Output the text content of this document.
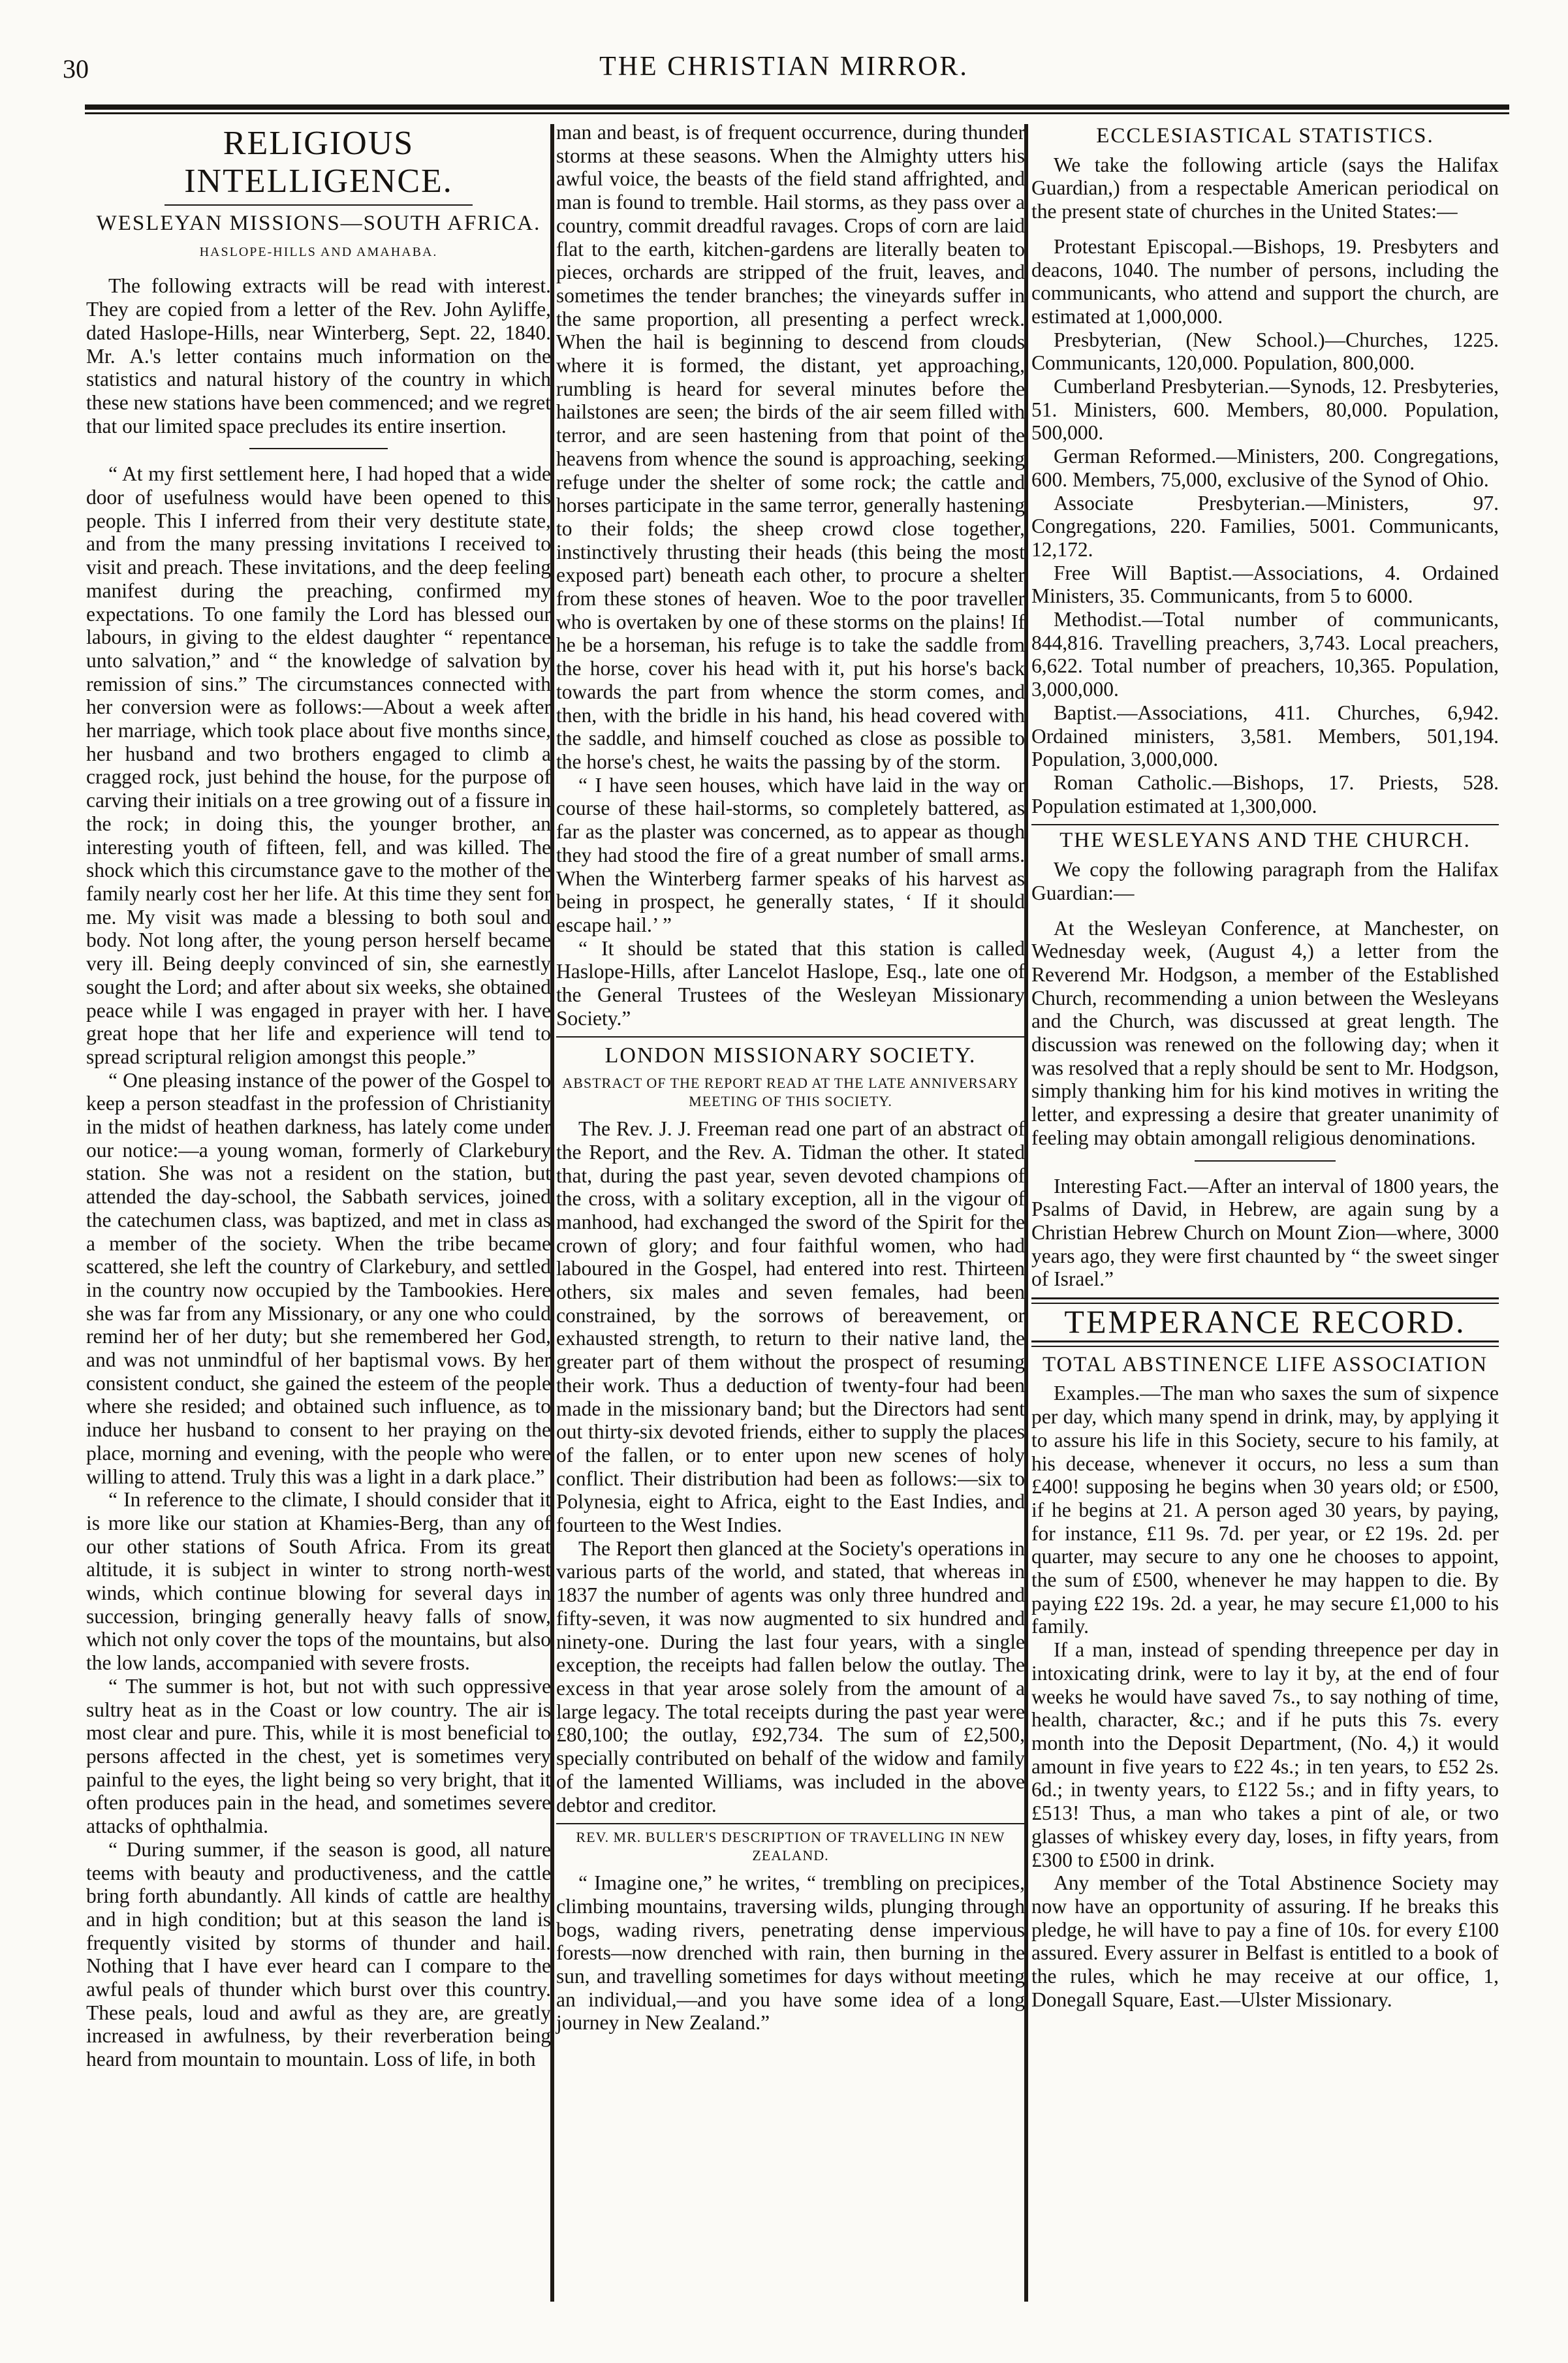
30	THE CHRISTIAN MIRROR.
RELIGIOUS INTELLIGENCE.
WESLEYAN MISSIONS—SOUTH AFRICA.
HASLOPE-HILLS AND AMAHABA.

The following extracts will be read with interest. They are copied from a letter of the Rev. John Ayliffe, dated Haslope-Hills, near Winterberg, Sept. 22, 1840. Mr. A.'s letter contains much information on the statistics and natural history of the country in which these new stations have been commenced; and we regret that our limited space precludes its entire insertion.

“ At my first settlement here, I had hoped that a wide door of usefulness would have been opened to this people. This I inferred from their very destitute state, and from the many pressing invitations I received to visit and preach. These invitations, and the deep feeling manifest during the preaching, confirmed my expectations. To one family the Lord has blessed our labours, in giving to the eldest daughter “ repentance unto salvation,” and “ the knowledge of salvation by remission of sins.” The circumstances connected with her conversion were as follows:—About a week after her marriage, which took place about five months since, her husband and two brothers engaged to climb a cragged rock, just behind the house, for the purpose of carving their initials on a tree growing out of a fissure in the rock; in doing this, the younger brother, an interesting youth of fifteen, fell, and was killed. The shock which this circumstance gave to the mother of the family nearly cost her her life. At this time they sent for me. My visit was made a blessing to both soul and body. Not long after, the young person herself became very ill. Being deeply convinced of sin, she earnestly sought the Lord; and after about six weeks, she obtained peace while I was engaged in prayer with her. I have great hope that her life and experience will tend to spread scriptural religion amongst this people.”

“ One pleasing instance of the power of the Gospel to keep a person steadfast in the profession of Christianity in the midst of heathen darkness, has lately come under our notice:—a young woman, formerly of Clarkebury station. She was not a resident on the station, but attended the day-school, the Sabbath services, joined the catechumen class, was baptized, and met in class as a member of the society. When the tribe became scattered, she left the country of Clarkebury, and settled in the country now occupied by the Tambookies. Here she was far from any Missionary, or any one who could remind her of her duty; but she remembered her God, and was not unmindful of her baptismal vows. By her consistent conduct, she gained the esteem of the people where she resided; and obtained such influence, as to induce her husband to consent to her praying on the place, morning and evening, with the people who were willing to attend. Truly this was a light in a dark place.”

“ In reference to the climate, I should consider that it is more like our station at Khamies-Berg, than any of our other stations of South Africa. From its great altitude, it is subject in winter to strong north-west winds, which continue blowing for several days in succession, bringing generally heavy falls of snow, which not only cover the tops of the mountains, but also the low lands, accompanied with severe frosts.

“ The summer is hot, but not with such oppressive sultry heat as in the Coast or low country. The air is most clear and pure. This, while it is most beneficial to persons affected in the chest, yet is sometimes very painful to the eyes, the light being so very bright, that it often produces pain in the head, and sometimes severe attacks of ophthalmia.

“ During summer, if the season is good, all nature teems with beauty and productiveness, and the cattle bring forth abundantly. All kinds of cattle are healthy and in high condition; but at this season the land is frequently visited by storms of thunder and hail. Nothing that I have ever heard can I compare to the awful peals of thunder which burst over this country. These peals, loud and awful as they are, are greatly increased in awfulness, by their reverberation being heard from mountain to mountain. Loss of life, in both

man and beast, is of frequent occurrence, during thunder storms at these seasons. When the Almighty utters his awful voice, the beasts of the field stand affrighted, and man is found to tremble. Hail storms, as they pass over a country, commit dreadful ravages. Crops of corn are laid flat to the earth, kitchen-gardens are literally beaten to pieces, orchards are stripped of the fruit, leaves, and sometimes the tender branches; the vineyards suffer in the same proportion, all presenting a perfect wreck. When the hail is beginning to descend from clouds where it is formed, the distant, yet approaching, rumbling is heard for several minutes before the hailstones are seen; the birds of the air seem filled with terror, and are seen hastening from that point of the heavens from whence the sound is approaching, seeking refuge under the shelter of some rock; the cattle and horses participate in the same terror, generally hastening to their folds; the sheep crowd close together, instinctively thrusting their heads (this being the most exposed part) beneath each other, to procure a shelter from these stones of heaven. Woe to the poor traveller who is overtaken by one of these storms on the plains! If he be a horseman, his refuge is to take the saddle from the horse, cover his head with it, put his horse's back towards the part from whence the storm comes, and then, with the bridle in his hand, his head covered with the saddle, and himself couched as close as possible to the horse's chest, he waits the passing by of the storm.

“ I have seen houses, which have laid in the way or course of these hail-storms, so completely battered, as far as the plaster was concerned, as to appear as though they had stood the fire of a great number of small arms. When the Winterberg farmer speaks of his harvest as being in prospect, he generally states, ‘ If it should escape hail.’ ”

“ It should be stated that this station is called Haslope-Hills, after Lancelot Haslope, Esq., late one of the General Trustees of the Wesleyan Missionary Society.”

LONDON MISSIONARY SOCIETY.
ABSTRACT OF THE REPORT READ AT THE LATE ANNIVERSARY MEETING OF THIS SOCIETY.

The Rev. J. J. Freeman read one part of an abstract of the Report, and the Rev. A. Tidman the other. It stated that, during the past year, seven devoted champions of the cross, with a solitary exception, all in the vigour of manhood, had exchanged the sword of the Spirit for the crown of glory; and four faithful women, who had laboured in the Gospel, had entered into rest. Thirteen others, six males and seven females, had been constrained, by the sorrows of bereavement, or exhausted strength, to return to their native land, the greater part of them without the prospect of resuming their work. Thus a deduction of twenty-four had been made in the missionary band; but the Directors had sent out thirty-six devoted friends, either to supply the places of the fallen, or to enter upon new scenes of holy conflict. Their distribution had been as follows:—six to Polynesia, eight to Africa, eight to the East Indies, and fourteen to the West Indies.

The Report then glanced at the Society's operations in various parts of the world, and stated, that whereas in 1837 the number of agents was only three hundred and fifty-seven, it was now augmented to six hundred and ninety-one. During the last four years, with a single exception, the receipts had fallen below the outlay. The excess in that year arose solely from the amount of a large legacy. The total receipts during the past year were £80,100; the outlay, £92,734. The sum of £2,500, specially contributed on behalf of the widow and family of the lamented Williams, was included in the above debtor and creditor.

REV. MR. BULLER'S DESCRIPTION OF TRAVELLING IN NEW ZEALAND.

“ Imagine one,” he writes, “ trembling on precipices, climbing mountains, traversing wilds, plunging through bogs, wading rivers, penetrating dense impervious forests—now drenched with rain, then burning in the sun, and travelling sometimes for days without meeting an individual,—and you have some idea of a long journey in New Zealand.”

ECCLESIASTICAL STATISTICS.

We take the following article (says the Halifax Guardian,) from a respectable American periodical on the present state of churches in the United States:—

Protestant Episcopal.—Bishops, 19. Presbyters and deacons, 1040. The number of persons, including the communicants, who attend and support the church, are estimated at 1,000,000.

Presbyterian, (New School.)—Churches, 1225. Communicants, 120,000. Population, 800,000.

Cumberland Presbyterian.—Synods, 12. Presbyteries, 51. Ministers, 600. Members, 80,000. Population, 500,000.

German Reformed.—Ministers, 200. Congregations, 600. Members, 75,000, exclusive of the Synod of Ohio.

Associate Presbyterian.—Ministers, 97. Congregations, 220. Families, 5001. Communicants, 12,172.

Free Will Baptist.—Associations, 4. Ordained Ministers, 35. Communicants, from 5 to 6000.

Methodist.—Total number of communicants, 844,816. Travelling preachers, 3,743. Local preachers, 6,622. Total number of preachers, 10,365. Population, 3,000,000.

Baptist.—Associations, 411. Churches, 6,942. Ordained ministers, 3,581. Members, 501,194. Population, 3,000,000.

Roman Catholic.—Bishops, 17. Priests, 528. Population estimated at 1,300,000.

THE WESLEYANS AND THE CHURCH.

We copy the following paragraph from the Halifax Guardian:—

At the Wesleyan Conference, at Manchester, on Wednesday week, (August 4,) a letter from the Reverend Mr. Hodgson, a member of the Established Church, recommending a union between the Wesleyans and the Church, was discussed at great length. The discussion was renewed on the following day; when it was resolved that a reply should be sent to Mr. Hodgson, simply thanking him for his kind motives in writing the letter, and expressing a desire that greater unanimity of feeling may obtain amongall religious denominations.

Interesting Fact.—After an interval of 1800 years, the Psalms of David, in Hebrew, are again sung by a Christian Hebrew Church on Mount Zion—where, 3000 years ago, they were first chaunted by “ the sweet singer of Israel.”

TEMPERANCE RECORD.
TOTAL ABSTINENCE LIFE ASSOCIATION

Examples.—The man who saxes the sum of sixpence per day, which many spend in drink, may, by applying it to assure his life in this Society, secure to his family, at his decease, whenever it occurs, no less a sum than £400! supposing he begins when 30 years old; or £500, if he begins at 21. A person aged 30 years, by paying, for instance, £11 9s. 7d. per year, or £2 19s. 2d. per quarter, may secure to any one he chooses to appoint, the sum of £500, whenever he may happen to die. By paying £22 19s. 2d. a year, he may secure £1,000 to his family.

If a man, instead of spending threepence per day in intoxicating drink, were to lay it by, at the end of four weeks he would have saved 7s., to say nothing of time, health, character, &c.; and if he puts this 7s. every month into the Deposit Department, (No. 4,) it would amount in five years to £22 4s.; in ten years, to £52 2s. 6d.; in twenty years, to £122 5s.; and in fifty years, to £513! Thus, a man who takes a pint of ale, or two glasses of whiskey every day, loses, in fifty years, from £300 to £500 in drink.

Any member of the Total Abstinence Society may now have an opportunity of assuring. If he breaks this pledge, he will have to pay a fine of 10s. for every £100 assured. Every assurer in Belfast is entitled to a book of the rules, which he may receive at our office, 1, Donegall Square, East.—Ulster Missionary.
